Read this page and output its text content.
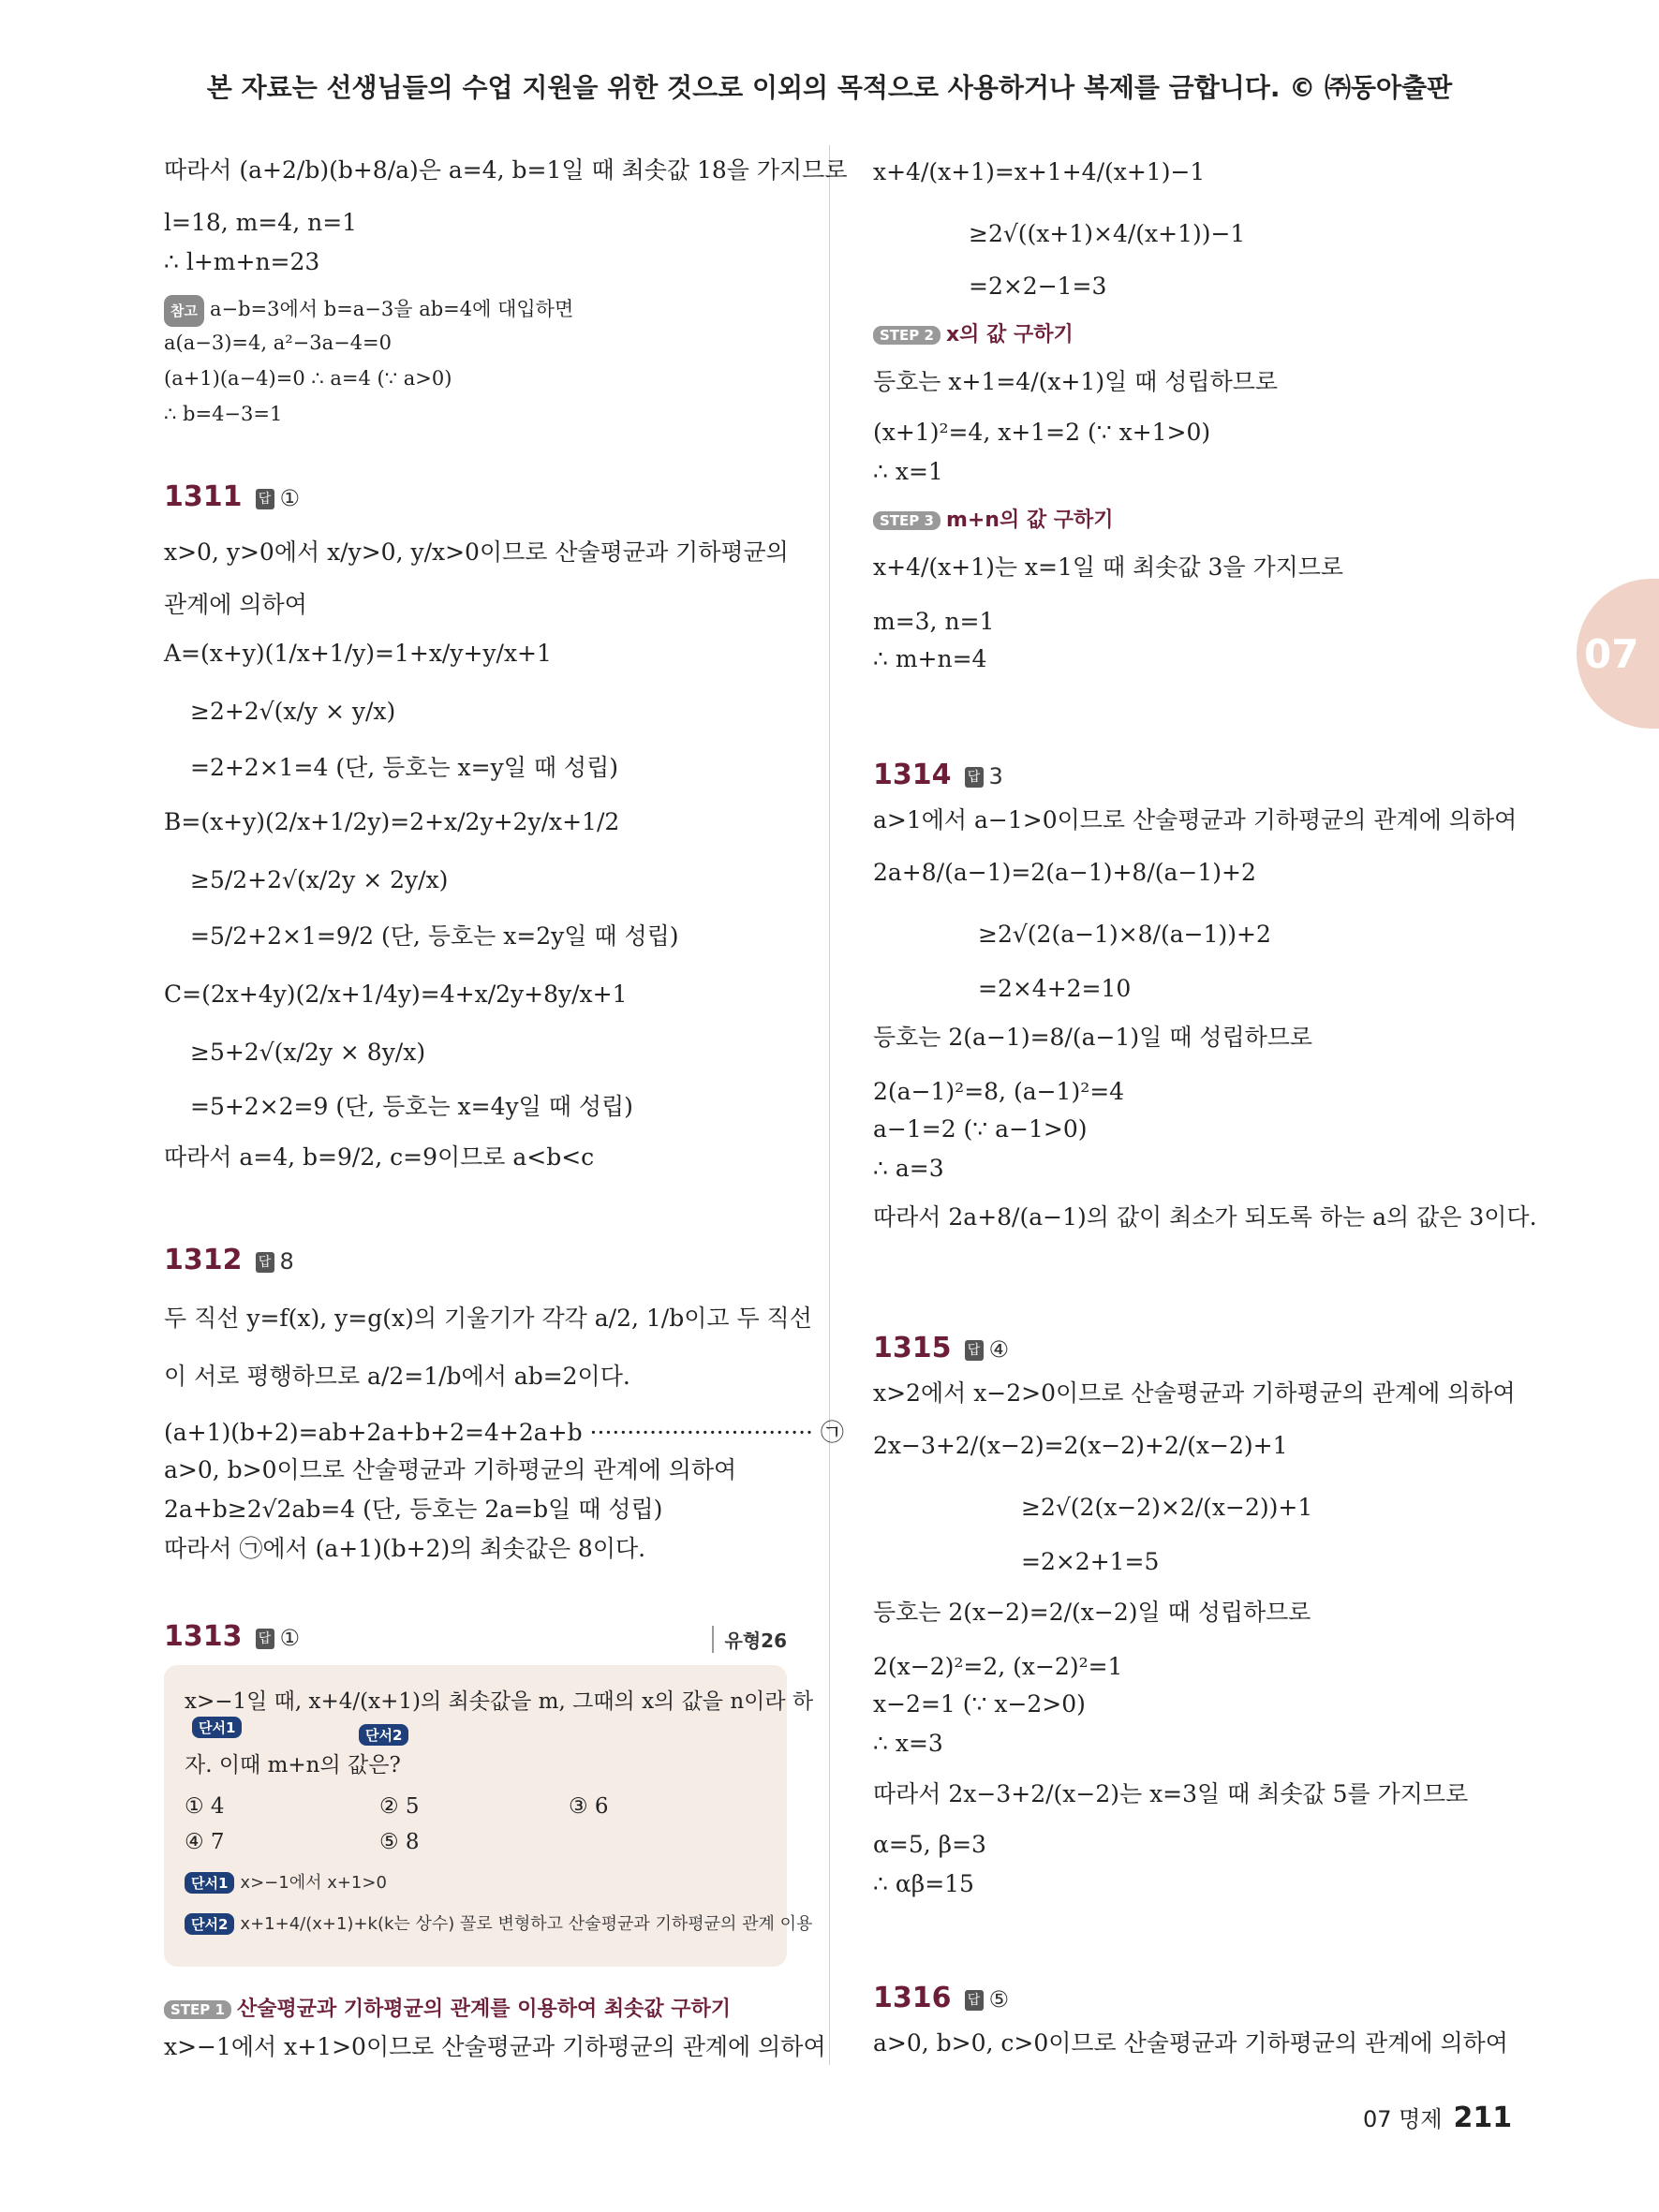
본 자료는 선생님들의 수업 지원을 위한 것으로 이외의 목적으로 사용하거나 복제를 금합니다. © ㈜동아출판
따라서 (a+2/b)(b+8/a)은 a=4, b=1일 때 최솟값 18을 가지므로
l=18, m=4, n=1
∴ l+m+n=23
참고 a−b=3에서 b=a−3을 ab=4에 대입하면
a(a−3)=4, a²−3a−4=0
(a+1)(a−4)=0 ∴ a=4 (∵ a>0)
∴ b=4−3=1
1311 답 ①
x>0, y>0에서 x/y>0, y/x>0이므로 산술평균과 기하평균의
관계에 의하여
A=(x+y)(1/x+1/y)=1+x/y+y/x+1
≥2+2√(x/y × y/x)
=2+2×1=4 (단, 등호는 x=y일 때 성립)
B=(x+y)(2/x+1/2y)=2+x/2y+2y/x+1/2
≥5/2+2√(x/2y × 2y/x)
=5/2+2×1=9/2 (단, 등호는 x=2y일 때 성립)
C=(2x+4y)(2/x+1/4y)=4+x/2y+8y/x+1
≥5+2√(x/2y × 8y/x)
=5+2×2=9 (단, 등호는 x=4y일 때 성립)
따라서 a=4, b=9/2, c=9이므로 a<b<c
1312 답 8
두 직선 y=f(x), y=g(x)의 기울기가 각각 a/2, 1/b이고 두 직선
이 서로 평행하므로 a/2=1/b에서 ab=2이다.
(a+1)(b+2)=ab+2a+b+2=4+2a+b ······························ ㉠
a>0, b>0이므로 산술평균과 기하평균의 관계에 의하여
2a+b≥2√2ab=4 (단, 등호는 2a=b일 때 성립)
따라서 ㉠에서 (a+1)(b+2)의 최솟값은 8이다.
1313 답 ①	유형26
x>−1일 때, x+4/(x+1)의 최솟값을 m, 그때의 x의 값을 n이라 하
단서1	단서2
자. 이때 m+n의 값은?
① 4	② 5	③ 6
④ 7	⑤ 8
단서1 x>−1에서 x+1>0
단서2 x+1+4/(x+1)+k(k는 상수) 꼴로 변형하고 산술평균과 기하평균의 관계 이용
STEP 1 산술평균과 기하평균의 관계를 이용하여 최솟값 구하기
x>−1에서 x+1>0이므로 산술평균과 기하평균의 관계에 의하여
x+4/(x+1)=x+1+4/(x+1)−1
≥2√((x+1)×4/(x+1))−1
=2×2−1=3
STEP 2 x의 값 구하기
등호는 x+1=4/(x+1)일 때 성립하므로
(x+1)²=4, x+1=2 (∵ x+1>0)
∴ x=1
STEP 3 m+n의 값 구하기
x+4/(x+1)는 x=1일 때 최솟값 3을 가지므로
m=3, n=1
∴ m+n=4
1314 답 3
a>1에서 a−1>0이므로 산술평균과 기하평균의 관계에 의하여
2a+8/(a−1)=2(a−1)+8/(a−1)+2
≥2√(2(a−1)×8/(a−1))+2
=2×4+2=10
등호는 2(a−1)=8/(a−1)일 때 성립하므로
2(a−1)²=8, (a−1)²=4
a−1=2 (∵ a−1>0)
∴ a=3
따라서 2a+8/(a−1)의 값이 최소가 되도록 하는 a의 값은 3이다.
1315 답 ④
x>2에서 x−2>0이므로 산술평균과 기하평균의 관계에 의하여
2x−3+2/(x−2)=2(x−2)+2/(x−2)+1
≥2√(2(x−2)×2/(x−2))+1
=2×2+1=5
등호는 2(x−2)=2/(x−2)일 때 성립하므로
2(x−2)²=2, (x−2)²=1
x−2=1 (∵ x−2>0)
∴ x=3
따라서 2x−3+2/(x−2)는 x=3일 때 최솟값 5를 가지므로
α=5, β=3
∴ αβ=15
1316 답 ⑤
a>0, b>0, c>0이므로 산술평균과 기하평균의 관계에 의하여
07
07 명제 211
